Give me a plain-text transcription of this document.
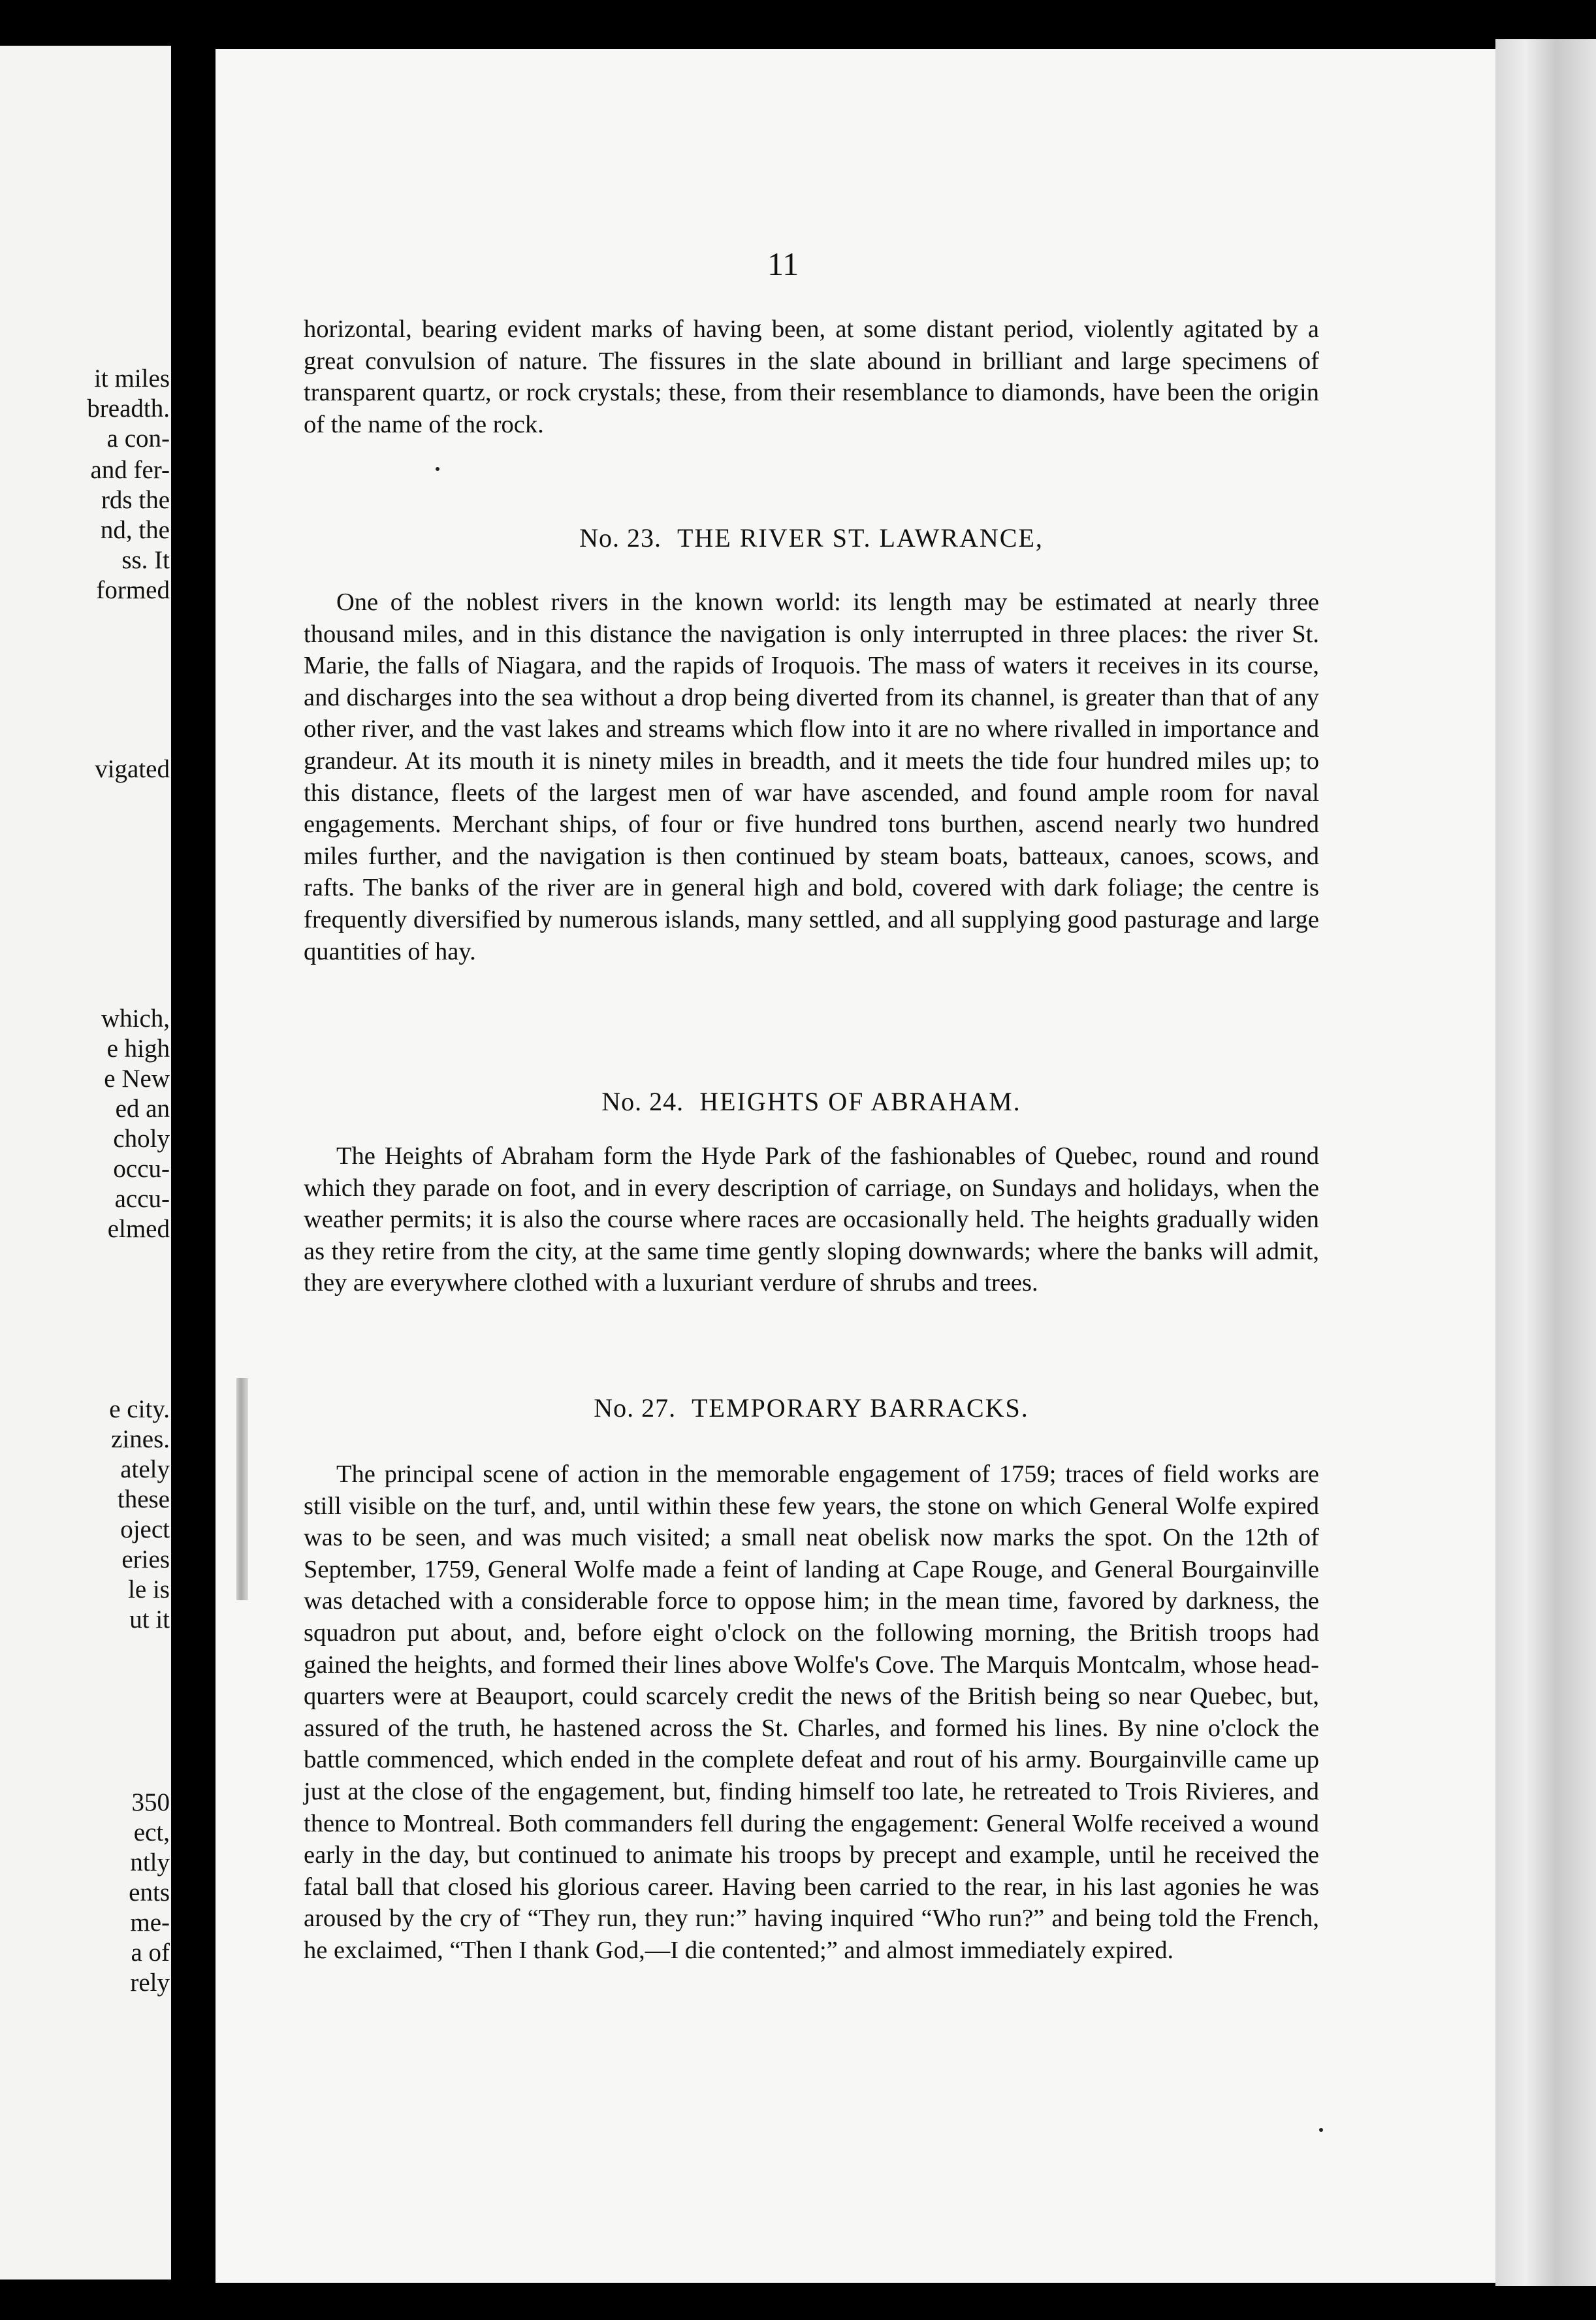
it miles
breadth.
a con-
and fer-
rds the
nd, the
ss. It
formed
vigated
which,
e high
e New
ed an
choly
occu-
accu-
elmed
e city.
zines.
ately
these
oject
eries
le is
ut it
350
ect,
ntly
ents
me-
a of
rely
11

horizontal, bearing evident marks of having been, at some distant period, violently agitated by a great convulsion of nature. The fissures in the slate abound in brilliant and large specimens of transparent quartz, or rock crystals; these, from their resemblance to diamonds, have been the origin of the name of the rock.

No. 23. THE RIVER ST. LAWRANCE,

One of the noblest rivers in the known world: its length may be estimated at nearly three thousand miles, and in this distance the navigation is only interrupted in three places: the river St. Marie, the falls of Niagara, and the rapids of Iroquois. The mass of waters it receives in its course, and discharges into the sea without a drop being diverted from its channel, is greater than that of any other river, and the vast lakes and streams which flow into it are no where rivalled in importance and grandeur. At its mouth it is ninety miles in breadth, and it meets the tide four hundred miles up; to this distance, fleets of the largest men of war have ascended, and found ample room for naval engagements. Merchant ships, of four or five hundred tons burthen, ascend nearly two hundred miles further, and the navigation is then continued by steam boats, batteaux, canoes, scows, and rafts. The banks of the river are in general high and bold, covered with dark foliage; the centre is frequently diversified by numerous islands, many settled, and all supplying good pasturage and large quantities of hay.

No. 24. HEIGHTS OF ABRAHAM.

The Heights of Abraham form the Hyde Park of the fashionables of Quebec, round and round which they parade on foot, and in every description of carriage, on Sundays and holidays, when the weather permits; it is also the course where races are occasionally held. The heights gradually widen as they retire from the city, at the same time gently sloping downwards; where the banks will admit, they are everywhere clothed with a luxuriant verdure of shrubs and trees.

No. 27. TEMPORARY BARRACKS.

The principal scene of action in the memorable engagement of 1759; traces of field works are still visible on the turf, and, until within these few years, the stone on which General Wolfe expired was to be seen, and was much visited; a small neat obelisk now marks the spot. On the 12th of September, 1759, General Wolfe made a feint of landing at Cape Rouge, and General Bourgainville was detached with a considerable force to oppose him; in the mean time, favored by darkness, the squadron put about, and, before eight o'clock on the following morning, the British troops had gained the heights, and formed their lines above Wolfe's Cove. The Marquis Montcalm, whose head-quarters were at Beauport, could scarcely credit the news of the British being so near Quebec, but, assured of the truth, he hastened across the St. Charles, and formed his lines. By nine o'clock the battle commenced, which ended in the complete defeat and rout of his army. Bourgainville came up just at the close of the engagement, but, finding himself too late, he retreated to Trois Rivieres, and thence to Montreal. Both commanders fell during the engagement: General Wolfe received a wound early in the day, but continued to animate his troops by precept and example, until he received the fatal ball that closed his glorious career. Having been carried to the rear, in his last agonies he was aroused by the cry of “They run, they run:” having inquired “Who run?” and being told the French, he exclaimed, “Then I thank God,—I die contented;” and almost immediately expired.
